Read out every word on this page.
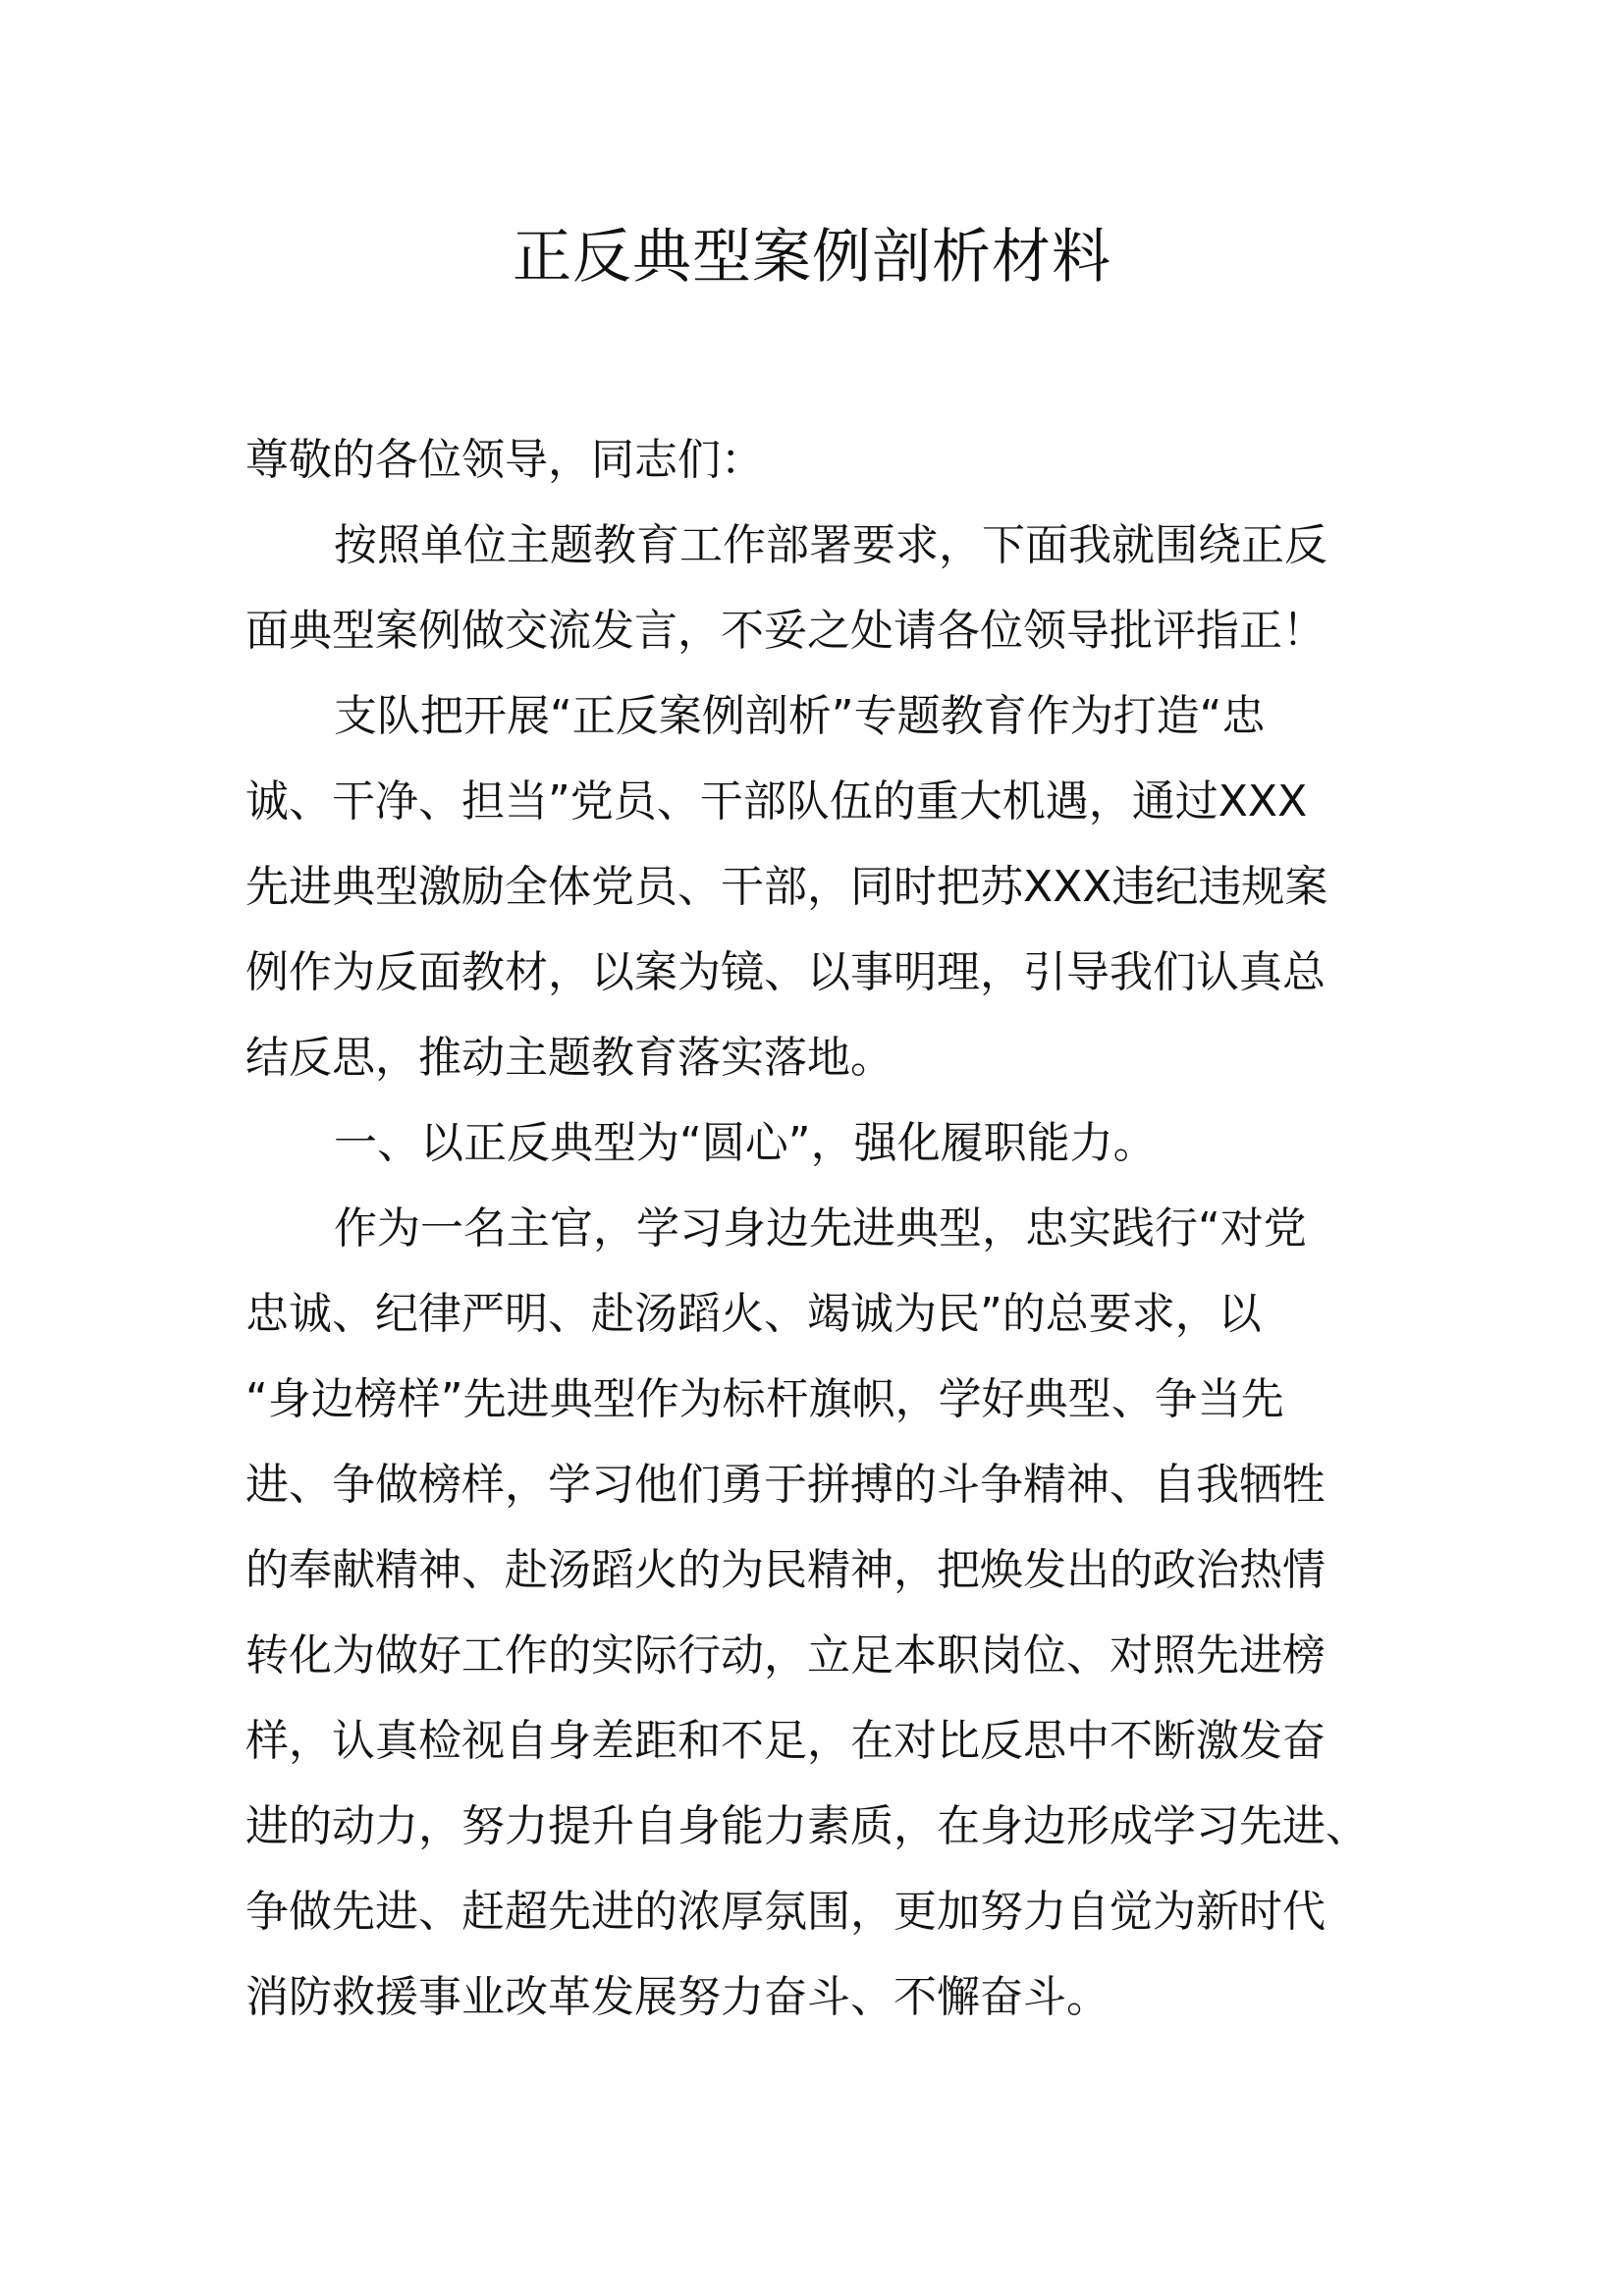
正反典型案例剖析材料

尊敬的各位领导，同志们：

按照单位主题教育工作部署要求，下面我就围绕正反

面典型案例做交流发言，不妥之处请各位领导批评指正！

支队把开展“正反案例剖析”专题教育作为打造“忠

诚、干净、担当”党员、干部队伍的重大机遇，通过XXX

先进典型激励全体党员、干部，同时把苏XXX违纪违规案

例作为反面教材，以案为镜、以事明理，引导我们认真总

结反思，推动主题教育落实落地。

一、以正反典型为“圆心”，强化履职能力。

作为一名主官，学习身边先进典型，忠实践行“对党

忠诚、纪律严明、赴汤蹈火、竭诚为民”的总要求，以

“身边榜样”先进典型作为标杆旗帜，学好典型、争当先

进、争做榜样，学习他们勇于拼搏的斗争精神、自我牺牲

的奉献精神、赴汤蹈火的为民精神，把焕发出的政治热情

转化为做好工作的实际行动，立足本职岗位、对照先进榜

样，认真检视自身差距和不足，在对比反思中不断激发奋

进的动力，努力提升自身能力素质，在身边形成学习先进、

争做先进、赶超先进的浓厚氛围，更加努力自觉为新时代

消防救援事业改革发展努力奋斗、不懈奋斗。
